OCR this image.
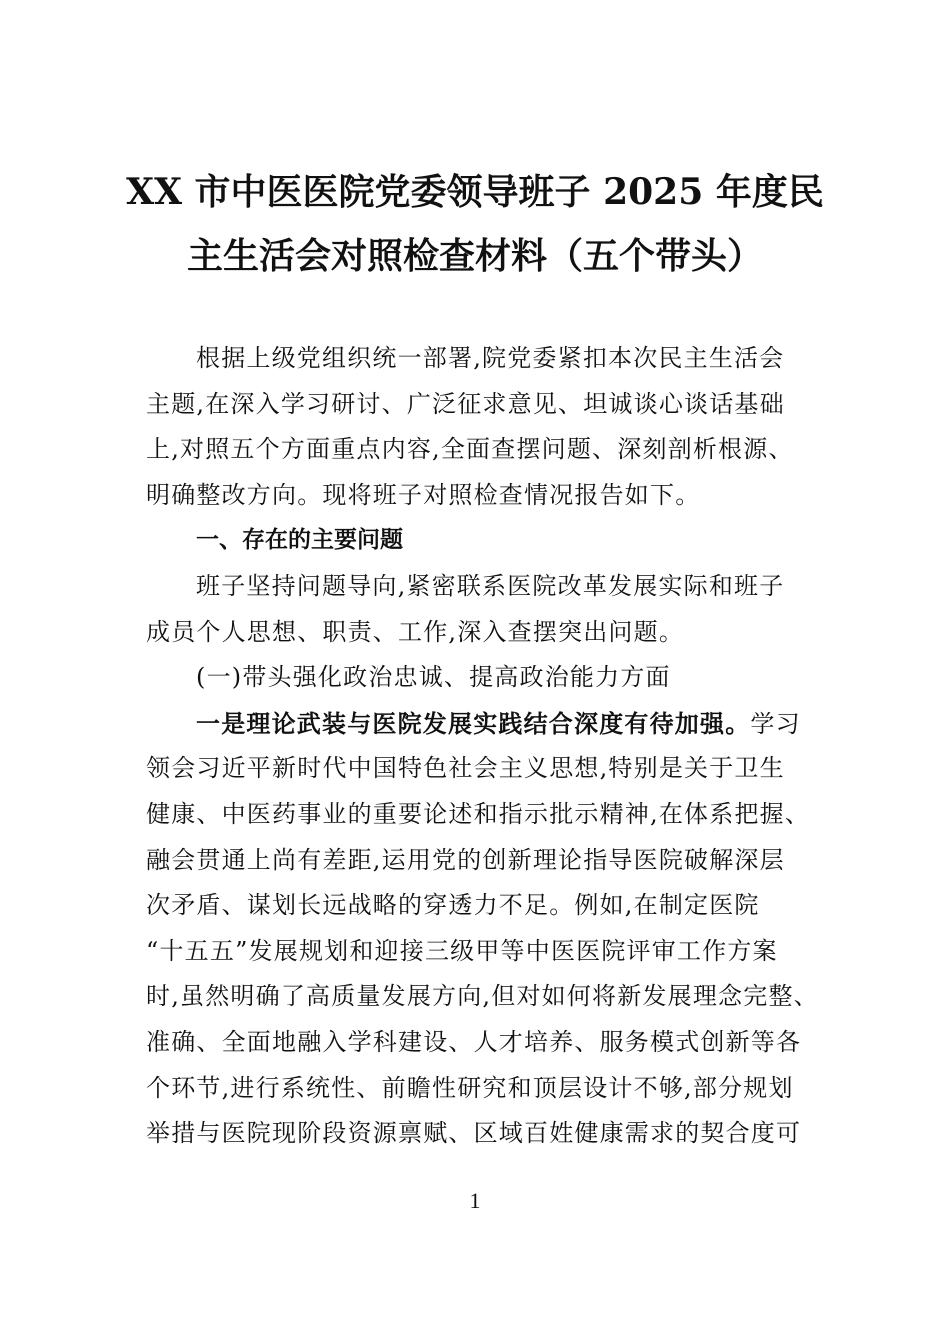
XX 市中医医院党委领导班子 2025 年度民
主生活会对照检查材料（五个带头）
根据上级党组织统一部署,院党委紧扣本次民主生活会
主题,在深入学习研讨、广泛征求意见、坦诚谈心谈话基础
上,对照五个方面重点内容,全面查摆问题、深刻剖析根源、
明确整改方向。现将班子对照检查情况报告如下。
一、存在的主要问题
班子坚持问题导向,紧密联系医院改革发展实际和班子
成员个人思想、职责、工作,深入查摆突出问题。
(一)带头强化政治忠诚、提高政治能力方面
一是理论武装与医院发展实践结合深度有待加强。学习
领会习近平新时代中国特色社会主义思想,特别是关于卫生
健康、中医药事业的重要论述和指示批示精神,在体系把握、
融会贯通上尚有差距,运用党的创新理论指导医院破解深层
次矛盾、谋划长远战略的穿透力不足。例如,在制定医院
“十五五”发展规划和迎接三级甲等中医医院评审工作方案
时,虽然明确了高质量发展方向,但对如何将新发展理念完整、
准确、全面地融入学科建设、人才培养、服务模式创新等各
个环节,进行系统性、前瞻性研究和顶层设计不够,部分规划
举措与医院现阶段资源禀赋、区域百姓健康需求的契合度可
1
